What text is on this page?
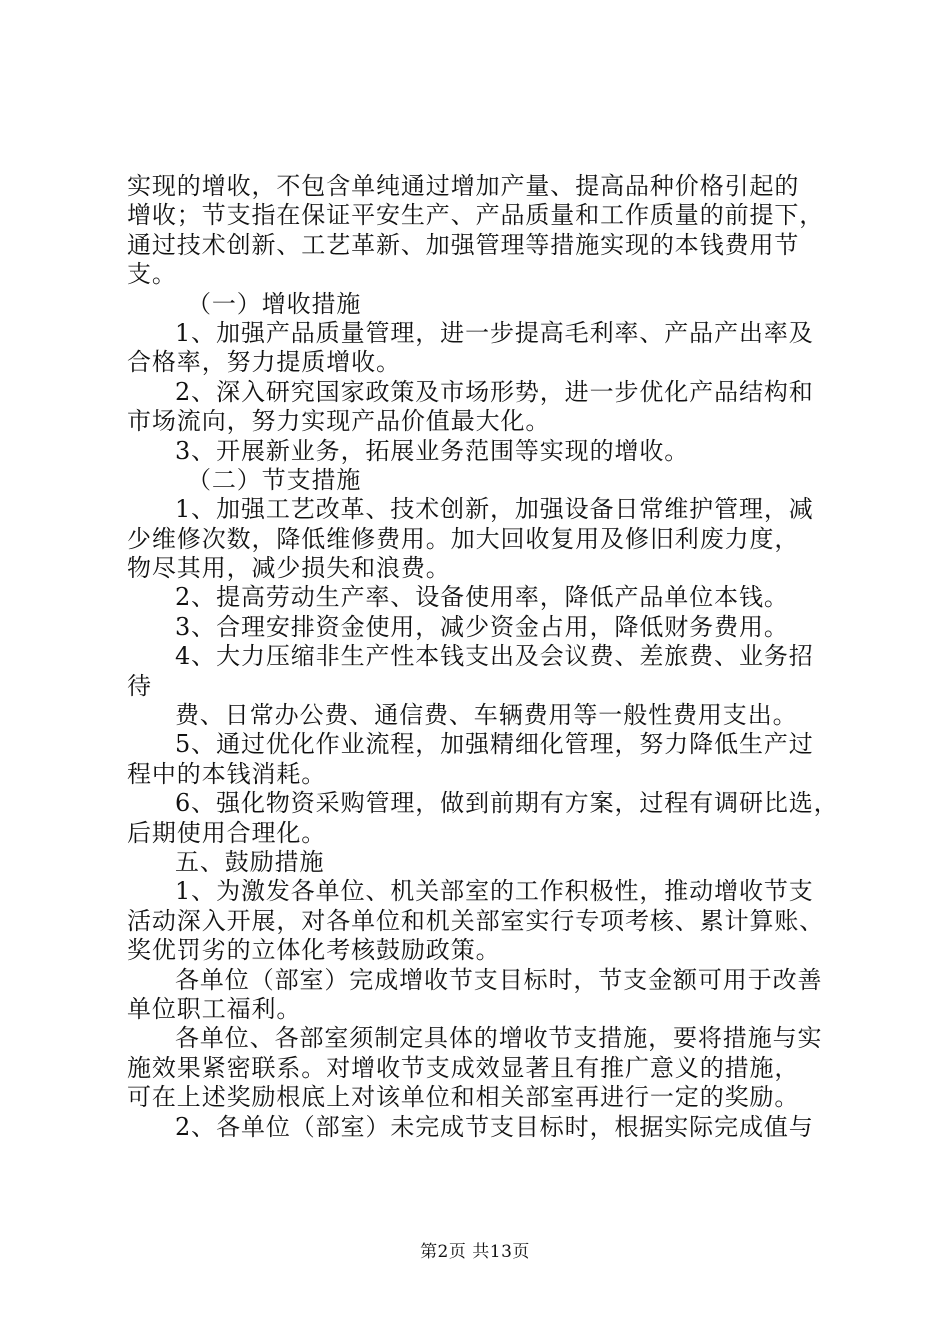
实现的增收，不包含单纯通过增加产量、提高品种价格引起的
增收；节支指在保证平安生产、产品质量和工作质量的前提下，
通过技术创新、工艺革新、加强管理等措施实现的本钱费用节
支。
（一）增收措施
1、加强产品质量管理，进一步提高毛利率、产品产出率及
合格率，努力提质增收。
2、深入研究国家政策及市场形势，进一步优化产品结构和
市场流向，努力实现产品价值最大化。
3、开展新业务，拓展业务范围等实现的增收。
（二）节支措施
1、加强工艺改革、技术创新，加强设备日常维护管理，减
少维修次数，降低维修费用。加大回收复用及修旧利废力度，
物尽其用，减少损失和浪费。
2、提高劳动生产率、设备使用率，降低产品单位本钱。
3、合理安排资金使用，减少资金占用，降低财务费用。
4、大力压缩非生产性本钱支出及会议费、差旅费、业务招
待
费、日常办公费、通信费、车辆费用等一般性费用支出。
5、通过优化作业流程，加强精细化管理，努力降低生产过
程中的本钱消耗。
6、强化物资采购管理，做到前期有方案，过程有调研比选，
后期使用合理化。
五、鼓励措施
1、为激发各单位、机关部室的工作积极性，推动增收节支
活动深入开展，对各单位和机关部室实行专项考核、累计算账、
奖优罚劣的立体化考核鼓励政策。
各单位（部室）完成增收节支目标时，节支金额可用于改善
单位职工福利。
各单位、各部室须制定具体的增收节支措施，要将措施与实
施效果紧密联系。对增收节支成效显著且有推广意义的措施，
可在上述奖励根底上对该单位和相关部室再进行一定的奖励。
2、各单位（部室）未完成节支目标时，根据实际完成值与
第2页 共13页
